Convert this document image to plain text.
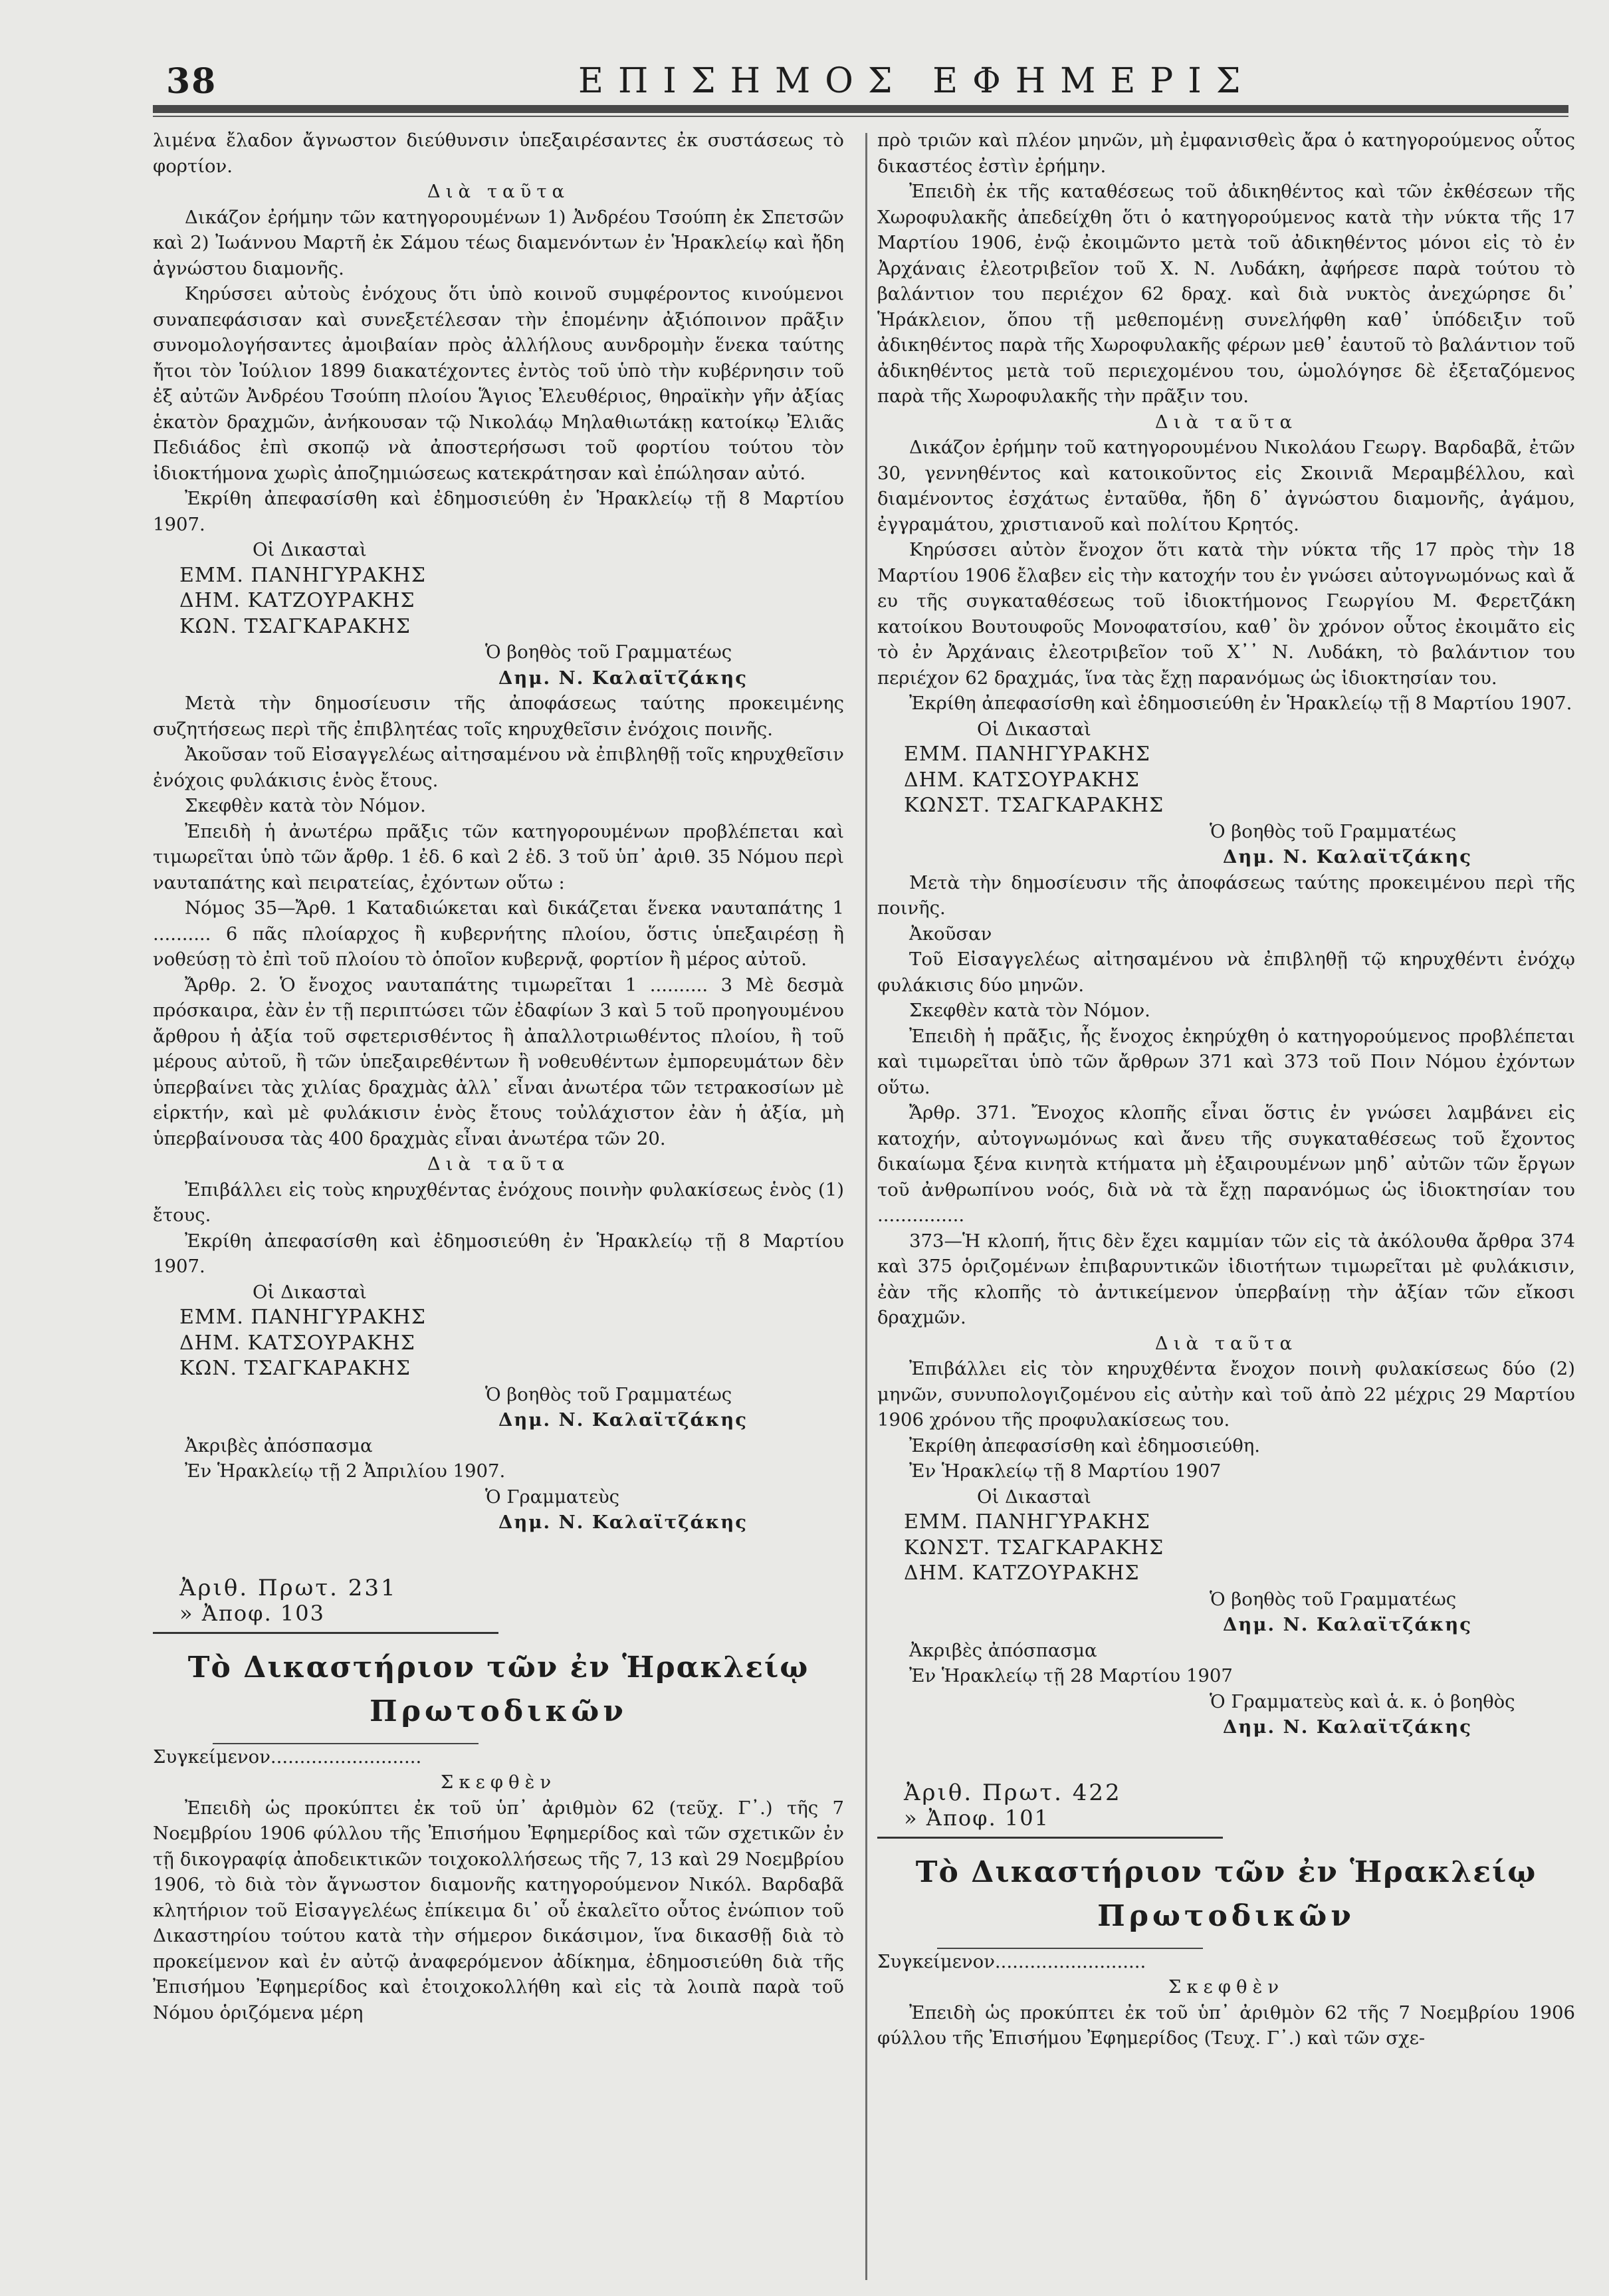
38	ΕΠΙΣΗΜΟΣ ΕΦΗΜΕΡΙΣ

λιμένα ἔλαδον ἄγνωστον διεύθυνσιν ὑπεξαιρέσαντες ἐκ συστάσεως τὸ φορτίον.

Διὰ ταῦτα

Δικάζον ἐρήμην τῶν κατηγορουμένων 1) Ἀνδρέου Τσούπη ἐκ Σπετσῶν καὶ 2) Ἰωάννου Μαρτῆ ἐκ Σάμου τέως διαμενόντων ἐν Ἡρακλείῳ καὶ ἤδη ἀγνώστου διαμονῆς.

Κηρύσσει αὐτοὺς ἐνόχους ὅτι ὑπὸ κοινοῦ συμφέροντος κινούμενοι συναπεφάσισαν καὶ συνεξετέλεσαν τὴν ἑπομένην ἀξιόποινον πρᾶξιν συνομολογήσαντες ἀμοιβαίαν πρὸς ἀλλήλους αυνδρομὴν ἕνεκα ταύτης ἤτοι τὸν Ἰούλιον 1899 διακατέχοντες ἐντὸς τοῦ ὑπὸ τὴν κυβέρνησιν τοῦ ἐξ αὐτῶν Ἀνδρέου Τσούπη πλοίου Ἅγιος Ἐλευθέριος, θηραϊκὴν γῆν ἀξίας ἑκατὸν δραχμῶν, ἀνήκουσαν τῷ Νικολάῳ Μηλαθιωτάκῃ κατοίκῳ Ἐλιᾶς Πεδιάδος ἐπὶ σκοπῷ νὰ ἀποστερήσωσι τοῦ φορτίου τούτου τὸν ἰδιοκτήμονα χωρὶς ἀποζημιώσεως κατεκράτησαν καὶ ἐπώλησαν αὐτό.

Ἐκρίθη ἀπεφασίσθη καὶ ἐδημοσιεύθη ἐν Ἡρακλείῳ τῇ 8 Μαρτίου 1907.

Οἱ Δικασταὶ

ΕΜΜ. ΠΑΝΗΓΥΡΑΚΗΣ

ΔΗΜ. ΚΑΤΖΟΥΡΑΚΗΣ

ΚΩΝ. ΤΣΑΓΚΑΡΑΚΗΣ

Ὁ βοηθὸς τοῦ Γραμματέως

Δημ. Ν. Καλαϊτζάκης

Μετὰ τὴν δημοσίευσιν τῆς ἀποφάσεως ταύτης προκειμένης συζητήσεως περὶ τῆς ἐπιβλητέας τοῖς κηρυχθεῖσιν ἐνόχοις ποινῆς.

Ἀκοῦσαν τοῦ Εἰσαγγελέως αἰτησαμένου νὰ ἐπιβληθῇ τοῖς κηρυχθεῖσιν ἐνόχοις φυλάκισις ἑνὸς ἔτους.

Σκεφθὲν κατὰ τὸν Νόμον.

Ἐπειδὴ ἡ ἀνωτέρω πρᾶξις τῶν κατηγορουμένων προβλέπεται καὶ τιμωρεῖται ὑπὸ τῶν ἄρθρ. 1 ἐδ. 6 καὶ 2 ἐδ. 3 τοῦ ὑπ᾿ ἀριθ. 35 Νόμου περὶ ναυταπάτης καὶ πειρατείας, ἐχόντων οὕτω :

Νόμος 35—Ἄρθ. 1 Καταδιώκεται καὶ δικάζεται ἕνεκα ναυταπάτης 1 .......... 6 πᾶς πλοίαρχος ἢ κυβερνήτης πλοίου, ὅστις ὑπεξαιρέσῃ ἢ νοθεύσῃ τὸ ἐπὶ τοῦ πλοίου τὸ ὁποῖον κυβερνᾷ, φορτίον ἢ μέρος αὐτοῦ.

Ἄρθρ. 2. Ὁ ἔνοχος ναυταπάτης τιμωρεῖται 1 .......... 3 Μὲ δεσμὰ πρόσκαιρα, ἐὰν ἐν τῇ περιπτώσει τῶν ἐδαφίων 3 καὶ 5 τοῦ προηγουμένου ἄρθρου ἡ ἀξία τοῦ σφετερισθέντος ἢ ἀπαλλοτριωθέντος πλοίου, ἢ τοῦ μέρους αὐτοῦ, ἢ τῶν ὑπεξαιρεθέντων ἢ νοθευθέντων ἐμπορευμάτων δὲν ὑπερβαίνει τὰς χιλίας δραχμὰς ἀλλ᾿ εἶναι ἀνωτέρα τῶν τετρακοσίων μὲ εἱρκτήν, καὶ μὲ φυλάκισιν ἑνὸς ἔτους τοὐλάχιστον ἐὰν ἡ ἀξία, μὴ ὑπερβαίνουσα τὰς 400 δραχμὰς εἶναι ἀνωτέρα τῶν 20.

Διὰ ταῦτα

Ἐπιβάλλει εἰς τοὺς κηρυχθέντας ἐνόχους ποινὴν φυλακίσεως ἑνὸς (1) ἔτους.

Ἐκρίθη ἀπεφασίσθη καὶ ἐδημοσιεύθη ἐν Ἡρακλείῳ τῇ 8 Μαρτίου 1907.

Οἱ Δικασταὶ

ΕΜΜ. ΠΑΝΗΓΥΡΑΚΗΣ

ΔΗΜ. ΚΑΤΣΟΥΡΑΚΗΣ

ΚΩΝ. ΤΣΑΓΚΑΡΑΚΗΣ

Ὁ βοηθὸς τοῦ Γραμματέως

Δημ. Ν. Καλαϊτζάκης

Ἀκριβὲς ἀπόσπασμα

Ἐν Ἡρακλείῳ τῇ 2 Ἀπριλίου 1907.

Ὁ Γραμματεὺς

Δημ. Ν. Καλαϊτζάκης

Ἀριθ. Πρωτ. 231

» Ἀποφ. 103

Τὸ Δικαστήριον τῶν ἐν Ἡρακλείῳ

Πρωτοδικῶν

Συγκείμενον..........................

Σκεφθὲν

Ἐπειδὴ ὡς προκύπτει ἐκ τοῦ ὑπ᾿ ἀριθμὸν 62 (τεῦχ. Γ᾿.) τῆς 7 Νοεμβρίου 1906 φύλλου τῆς Ἐπισήμου Ἐφημερίδος καὶ τῶν σχετικῶν ἐν τῇ δικογραφίᾳ ἀποδεικτικῶν τοιχοκολλήσεως τῆς 7, 13 καὶ 29 Νοεμβρίου 1906, τὸ διὰ τὸν ἄγνωστον διαμονῆς κατηγορούμενον Νικόλ. Βαρδαβᾶ κλητήριον τοῦ Εἰσαγγελέως ἐπίκειμα δι᾿ οὗ ἐκαλεῖτο οὗτος ἐνώπιον τοῦ Δικαστηρίου τούτου κατὰ τὴν σήμερον δικάσιμον, ἵνα δικασθῇ διὰ τὸ προκείμενον καὶ ἐν αὐτῷ ἀναφερόμενον ἀδίκημα, ἐδημοσιεύθη διὰ τῆς Ἐπισήμου Ἐφημερίδος καὶ ἐτοιχοκολλήθη καὶ εἰς τὰ λοιπὰ παρὰ τοῦ Νόμου ὁριζόμενα μέρη

πρὸ τριῶν καὶ πλέον μηνῶν, μὴ ἐμφανισθεὶς ἄρα ὁ κατηγορούμενος οὗτος δικαστέος ἐστὶν ἐρήμην.

Ἐπειδὴ ἐκ τῆς καταθέσεως τοῦ ἀδικηθέντος καὶ τῶν ἐκθέσεων τῆς Χωροφυλακῆς ἀπεδείχθη ὅτι ὁ κατηγορούμενος κατὰ τὴν νύκτα τῆς 17 Μαρτίου 1906, ἐνῷ ἐκοιμῶντο μετὰ τοῦ ἀδικηθέντος μόνοι εἰς τὸ ἐν Ἀρχάναις ἐλεοτριβεῖον τοῦ Χ. Ν. Λυδάκη, ἀφήρεσε παρὰ τούτου τὸ βαλάντιον του περιέχον 62 δραχ. καὶ διὰ νυκτὸς ἀνεχώρησε δι᾿ Ἡράκλειον, ὅπου τῇ μεθεπομένῃ συνελήφθη καθ᾿ ὑπόδειξιν τοῦ ἀδικηθέντος παρὰ τῆς Χωροφυλακῆς φέρων μεθ᾿ ἑαυτοῦ τὸ βαλάντιον τοῦ ἀδικηθέντος μετὰ τοῦ περιεχομένου του, ὡμολόγησε δὲ ἐξεταζόμενος παρὰ τῆς Χωροφυλακῆς τὴν πρᾶξιν του.

Διὰ ταῦτα

Δικάζον ἐρήμην τοῦ κατηγορουμένου Νικολάου Γεωργ. Βαρδαβᾶ, ἐτῶν 30, γεννηθέντος καὶ κατοικοῦντος εἰς Σκοινιᾶ Μεραμβέλλου, καὶ διαμένοντος ἐσχάτως ἐνταῦθα, ἤδη δ᾿ ἀγνώστου διαμονῆς, ἀγάμου, ἐγγραμάτου, χριστιανοῦ καὶ πολίτου Κρητός.

Κηρύσσει αὐτὸν ἔνοχον ὅτι κατὰ τὴν νύκτα τῆς 17 πρὸς τὴν 18 Μαρτίου 1906 ἔλαβεν εἰς τὴν κατοχήν του ἐν γνώσει αὐτογνωμόνως καὶ ἄ ευ τῆς συγκαταθέσεως τοῦ ἰδιοκτήμονος Γεωργίου Μ. Φερετζάκη κατοίκου Βουτουφοῦς Μονοφατσίου, καθ᾿ ὃν χρόνον οὗτος ἐκοιμᾶτο εἰς τὸ ἐν Ἀρχάναις ἐλεοτριβεῖον τοῦ Χ᾿᾿ Ν. Λυδάκη, τὸ βαλάντιον του περιέχον 62 δραχμάς, ἵνα τὰς ἔχῃ παρανόμως ὡς ἰδιοκτησίαν του.

Ἐκρίθη ἀπεφασίσθη καὶ ἐδημοσιεύθη ἐν Ἡρακλείῳ τῇ 8 Μαρτίου 1907.

Οἱ Δικασταὶ

ΕΜΜ. ΠΑΝΗΓΥΡΑΚΗΣ

ΔΗΜ. ΚΑΤΣΟΥΡΑΚΗΣ

ΚΩΝΣΤ. ΤΣΑΓΚΑΡΑΚΗΣ

Ὁ βοηθὸς τοῦ Γραμματέως

Δημ. Ν. Καλαϊτζάκης

Μετὰ τὴν δημοσίευσιν τῆς ἀποφάσεως ταύτης προκειμένου περὶ τῆς ποινῆς.

Ἀκοῦσαν

Τοῦ Εἰσαγγελέως αἰτησαμένου νὰ ἐπιβληθῇ τῷ κηρυχθέντι ἐνόχῳ φυλάκισις δύο μηνῶν.

Σκεφθὲν κατὰ τὸν Νόμον.

Ἐπειδὴ ἡ πρᾶξις, ἧς ἔνοχος ἐκηρύχθη ὁ κατηγορούμενος προβλέπεται καὶ τιμωρεῖται ὑπὸ τῶν ἄρθρων 371 καὶ 373 τοῦ Ποιν Νόμου ἐχόντων οὕτω.

Ἄρθρ. 371. Ἔνοχος κλοπῆς εἶναι ὅστις ἐν γνώσει λαμβάνει εἰς κατοχήν, αὐτογνωμόνως καὶ ἄνευ τῆς συγκαταθέσεως τοῦ ἔχοντος δικαίωμα ξένα κινητὰ κτήματα μὴ ἐξαιρουμένων μηδ᾿ αὐτῶν τῶν ἔργων τοῦ ἀνθρωπίνου νοός, διὰ νὰ τὰ ἔχῃ παρανόμως ὡς ἰδιοκτησίαν του ...............

373—Ἡ κλοπή, ἥτις δὲν ἔχει καμμίαν τῶν εἰς τὰ ἀκόλουθα ἄρθρα 374 καὶ 375 ὁριζομένων ἐπιβαρυντικῶν ἰδιοτήτων τιμωρεῖται μὲ φυλάκισιν, ἐὰν τῆς κλοπῆς τὸ ἀντικείμενον ὑπερβαίνῃ τὴν ἀξίαν τῶν εἴκοσι δραχμῶν.

Διὰ ταῦτα

Ἐπιβάλλει εἰς τὸν κηρυχθέντα ἔνοχον ποινὴ φυλακίσεως δύο (2) μηνῶν, συνυπολογιζομένου εἰς αὐτὴν καὶ τοῦ ἀπὸ 22 μέχρις 29 Μαρτίου 1906 χρόνου τῆς προφυλακίσεως του.

Ἐκρίθη ἀπεφασίσθη καὶ ἐδημοσιεύθη.

Ἐν Ἡρακλείῳ τῇ 8 Μαρτίου 1907

Οἱ Δικασταὶ

ΕΜΜ. ΠΑΝΗΓΥΡΑΚΗΣ

ΚΩΝΣΤ. ΤΣΑΓΚΑΡΑΚΗΣ

ΔΗΜ. ΚΑΤΖΟΥΡΑΚΗΣ

Ὁ βοηθὸς τοῦ Γραμματέως

Δημ. Ν. Καλαϊτζάκης

Ἀκριβὲς ἀπόσπασμα

Ἐν Ἡρακλείῳ τῇ 28 Μαρτίου 1907

Ὁ Γραμματεὺς καὶ ἁ. κ. ὁ βοηθὸς

Δημ. Ν. Καλαϊτζάκης

Ἀριθ. Πρωτ. 422

» Ἀποφ. 101

Τὸ Δικαστήριον τῶν ἐν Ἡρακλείῳ

Πρωτοδικῶν

Συγκείμενον..........................

Σκεφθὲν

Ἐπειδὴ ὡς προκύπτει ἐκ τοῦ ὑπ᾿ ἀριθμὸν 62 τῆς 7 Νοεμβρίου 1906 φύλλου τῆς Ἐπισήμου Ἐφημερίδος (Τευχ. Γ᾿.) καὶ τῶν σχε-
